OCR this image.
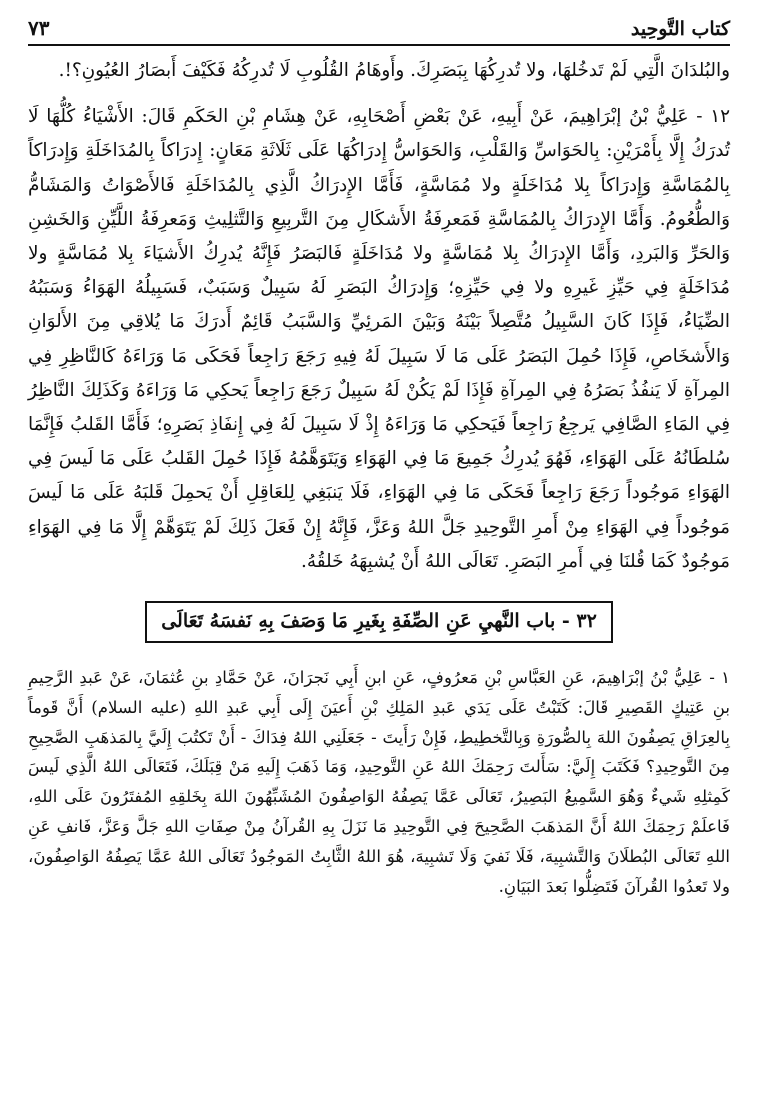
كتاب التَّوحِيد
٧٣

والبُلدَانَ الَّتِي لَمْ تَدخُلهَا، ولا تُدرِكُهَا بِبَصَرِكَ. وأَوهَامُ القُلُوبِ لَا تُدرِكُهُ فَكَيْفَ أَبصَارُ العُيُونِ؟!.

١٢ - عَلِيُّ بْنُ إبْرَاهِيمَ، عَنْ أَبِيهِ، عَنْ بَعْضِ أَصْحَابِهِ، عَنْ هِشَامِ بْنِ الحَكَمِ قَالَ: الأَشْيَاءُ كُلُّهَا لَا تُدرَكُ إِلَّا بِأَمْرَيْنِ: بِالحَوَاسِّ وَالقَلْبِ، وَالحَوَاسُّ إِدرَاكُهَا عَلَى ثَلَاثَةِ مَعَانٍ: إِدرَاكاً بِالمُدَاخَلَةِ وَإِدرَاكاً بِالمُمَاسَّةِ وَإِدرَاكاً بِلا مُدَاخَلَةٍ ولا مُمَاسَّةٍ، فَأَمَّا الإِدرَاكُ الَّذِي بِالمُدَاخَلَةِ فَالأَصْوَاتُ وَالمَشَامُّ وَالطُّعُومُ. وَأَمَّا الإِدرَاكُ بِالمُمَاسَّةِ فَمَعرِفَةُ الأَشكَالِ مِنَ التَّربِيعِ وَالتَّثلِيثِ وَمَعرِفَةُ اللَّيِّنِ وَالخَشِنِ وَالحَرِّ وَالبَردِ، وَأَمَّا الإِدرَاكُ بِلا مُمَاسَّةٍ ولا مُدَاخَلَةٍ فَالبَصَرُ فَإِنَّهُ يُدرِكُ الأَشيَاءَ بِلا مُمَاسَّةٍ ولا مُدَاخَلَةٍ فِي حَيِّزِ غَيرِهِ ولا فِي حَيِّزِهِ؛ وَإِدرَاكُ البَصَرِ لَهُ سَبِيلٌ وَسَبَبٌ، فَسَبِيلُهُ الهَوَاءُ وَسَبَبُهُ الضِّيَاءُ، فَإِذَا كَانَ السَّبِيلُ مُتَّصِلاً بَيْنَهُ وَبَيْنَ المَرئِيِّ وَالسَّبَبُ قَائِمٌ أَدرَكَ مَا يُلاقِي مِنَ الأَلوَانِ وَالأَشخَاصِ، فَإِذَا حُمِلَ البَصَرُ عَلَى مَا لَا سَبِيلَ لَهُ فِيهِ رَجَعَ رَاجِعاً فَحَكَى مَا وَرَاءَهُ كَالنَّاظِرِ فِي المِرآةِ لَا يَنفُذُ بَصَرُهُ فِي المِرآةِ فَإِذَا لَمْ يَكُنْ لَهُ سَبِيلٌ رَجَعَ رَاجِعاً يَحكِي مَا وَرَاءَهُ وَكَذَلِكَ النَّاظِرُ فِي المَاءِ الصَّافِي يَرجِعُ رَاجِعاً فَيَحكِي مَا وَرَاءَهُ إِذْ لَا سَبِيلَ لَهُ فِي إِنفَاذِ بَصَرِهِ؛ فَأَمَّا القَلبُ فَإِنَّمَا سُلطَانُهُ عَلَى الهَوَاءِ، فَهُوَ يُدرِكُ جَمِيعَ مَا فِي الهَوَاءِ وَيَتَوَهَّمُهُ فَإِذَا حُمِلَ القَلبُ عَلَى مَا لَيسَ فِي الهَوَاءِ مَوجُوداً رَجَعَ رَاجِعاً فَحَكَى مَا فِي الهَوَاءِ، فَلَا يَنبَغِي لِلعَاقِلِ أَنْ يَحمِلَ قَلبَهُ عَلَى مَا لَيسَ مَوجُوداً فِي الهَوَاءِ مِنْ أَمرِ التَّوحِيدِ جَلَّ اللهُ وَعَزَّ، فَإِنَّهُ إِنْ فَعَلَ ذَلِكَ لَمْ يَتَوَهَّمْ إِلَّا مَا فِي الهَوَاءِ مَوجُودٌ كَمَا قُلنَا فِي أَمرِ البَصَرِ. تَعَالَى اللهُ أَنْ يُشبِهَهُ خَلقُهُ.

٣٢ - باب النَّهيِ عَنِ الصِّفَةِ بِغَيرِ مَا وَصَفَ بِهِ نَفسَهُ تَعَالَى

١ - عَلِيُّ بْنُ إبْرَاهِيمَ، عَنِ العَبَّاسِ بْنِ مَعرُوفٍ، عَنِ ابنِ أَبِي نَجرَانَ، عَنْ حَمَّادِ بنِ عُثمَانَ، عَنْ عَبدِ الرَّحِيمِ بنِ عَتِيكٍ القَصِيرِ قَالَ: كَتَبْتُ عَلَى يَدَي عَبدِ المَلِكِ بْنِ أَعيَنَ إِلَى أَبِي عَبدِ اللهِ (عليه السلام) أَنَّ قَوماً بِالعِرَاقِ يَصِفُونَ اللهَ بِالصُّورَةِ وَبِالتَّخطِيطِ، فَإِنْ رَأَيتَ - جَعَلَنِي اللهُ فِدَاكَ - أَنْ تَكتُبَ إِلَيَّ بِالمَذهَبِ الصَّحِيحِ مِنَ التَّوحِيدِ؟ فَكَتَبَ إِلَيَّ: سَأَلتَ رَحِمَكَ اللهُ عَنِ التَّوحِيدِ، وَمَا ذَهَبَ إِلَيهِ مَنْ قِبَلَكَ، فَتَعَالَى اللهُ الَّذِي لَيسَ كَمِثلِهِ شَيءٌ وَهُوَ السَّمِيعُ البَصِيرُ، تَعَالَى عَمَّا يَصِفُهُ الوَاصِفُونَ المُشَبِّهُونَ اللهَ بِخَلقِهِ المُفتَرُونَ عَلَى اللهِ، فَاعلَمْ رَحِمَكَ اللهُ أَنَّ المَذهَبَ الصَّحِيحَ فِي التَّوحِيدِ مَا نَزَلَ بِهِ القُرآنُ مِنْ صِفَاتِ اللهِ جَلَّ وَعَزَّ، فَانفِ عَنِ اللهِ تَعَالَى البُطلَانَ وَالتَّشبِيهَ، فَلَا نَفيَ وَلَا تَشبِيهَ، هُوَ اللهُ الثَّابِتُ المَوجُودُ تَعَالَى اللهُ عَمَّا يَصِفُهُ الوَاصِفُونَ، ولا تَعدُوا القُرآنَ فَتَضِلُّوا بَعدَ البَيَانِ.
